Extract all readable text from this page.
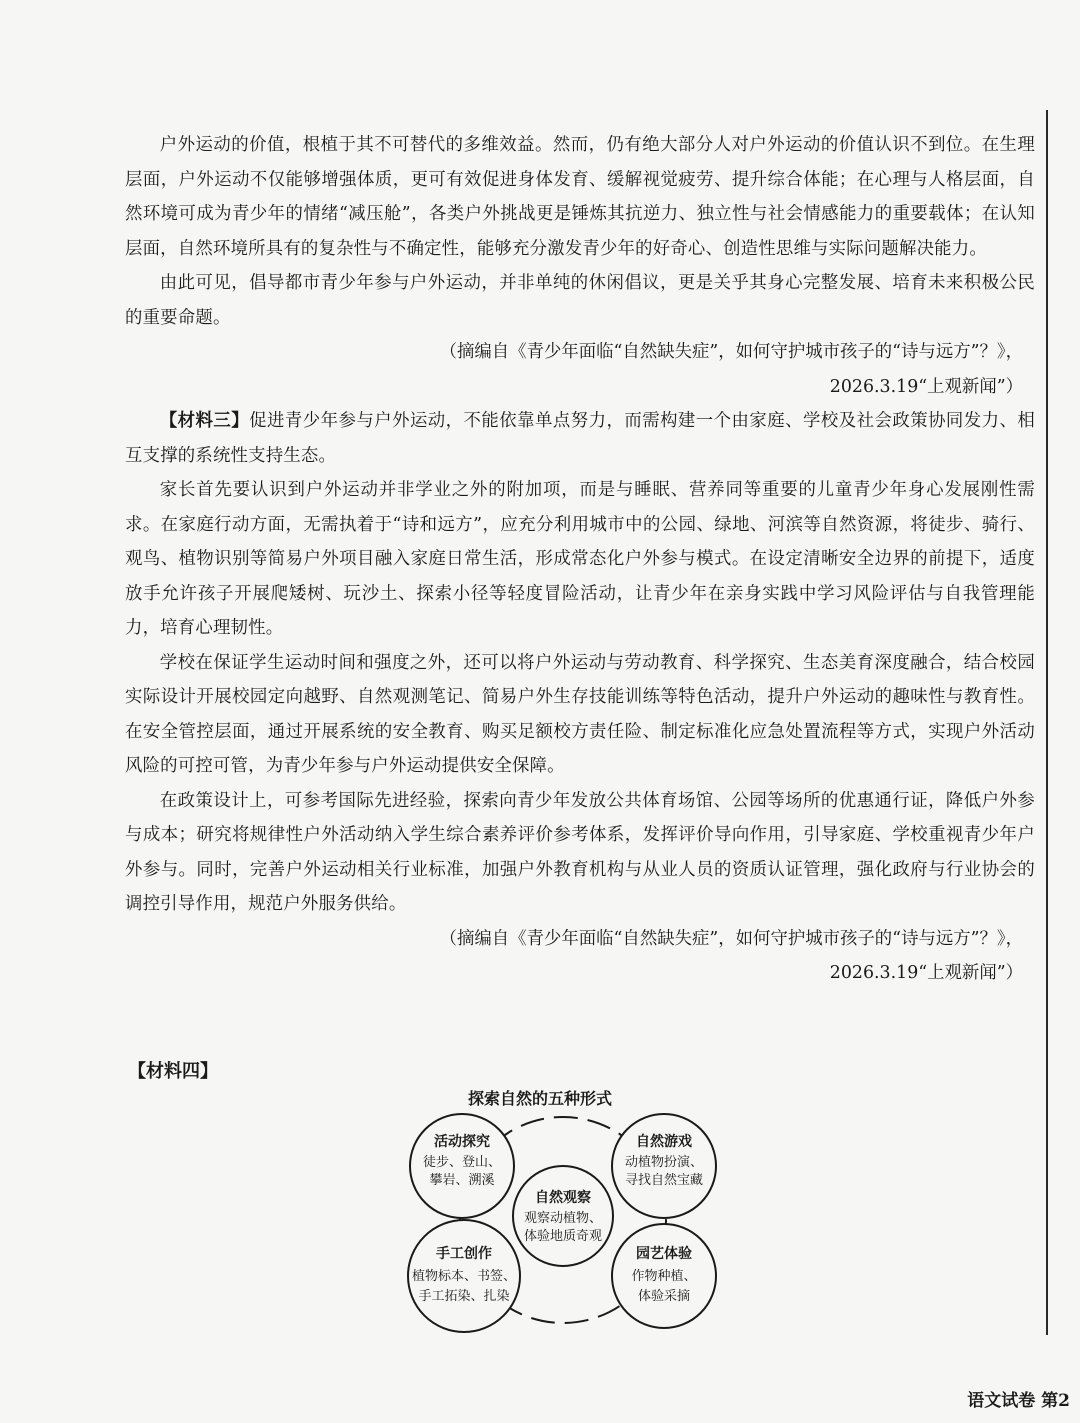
户外运动的价值，根植于其不可替代的多维效益。然而，仍有绝大部分人对户外运动的价值认识不到位。在生理层面，户外运动不仅能够增强体质，更可有效促进身体发育、缓解视觉疲劳、提升综合体能；在心理与人格层面，自然环境可成为青少年的情绪“减压舱”，各类户外挑战更是锤炼其抗逆力、独立性与社会情感能力的重要载体；在认知层面，自然环境所具有的复杂性与不确定性，能够充分激发青少年的好奇心、创造性思维与实际问题解决能力。

由此可见，倡导都市青少年参与户外运动，并非单纯的休闲倡议，更是关乎其身心完整发展、培育未来积极公民的重要命题。

（摘编自《青少年面临“自然缺失症”，如何守护城市孩子的“诗与远方”？》，

2026.3.19“上观新闻”）

【材料三】促进青少年参与户外运动，不能依靠单点努力，而需构建一个由家庭、学校及社会政策协同发力、相互支撑的系统性支持生态。

家长首先要认识到户外运动并非学业之外的附加项，而是与睡眠、营养同等重要的儿童青少年身心发展刚性需求。在家庭行动方面，无需执着于“诗和远方”，应充分利用城市中的公园、绿地、河滨等自然资源，将徒步、骑行、观鸟、植物识别等简易户外项目融入家庭日常生活，形成常态化户外参与模式。在设定清晰安全边界的前提下，适度放手允许孩子开展爬矮树、玩沙土、探索小径等轻度冒险活动，让青少年在亲身实践中学习风险评估与自我管理能力，培育心理韧性。

学校在保证学生运动时间和强度之外，还可以将户外运动与劳动教育、科学探究、生态美育深度融合，结合校园实际设计开展校园定向越野、自然观测笔记、简易户外生存技能训练等特色活动，提升户外运动的趣味性与教育性。在安全管控层面，通过开展系统的安全教育、购买足额校方责任险、制定标准化应急处置流程等方式，实现户外活动风险的可控可管，为青少年参与户外运动提供安全保障。

在政策设计上，可参考国际先进经验，探索向青少年发放公共体育场馆、公园等场所的优惠通行证，降低户外参与成本；研究将规律性户外活动纳入学生综合素养评价参考体系，发挥评价导向作用，引导家庭、学校重视青少年户外参与。同时，完善户外运动相关行业标准，加强户外教育机构与从业人员的资质认证管理，强化政府与行业协会的调控引导作用，规范户外服务供给。

（摘编自《青少年面临“自然缺失症”，如何守护城市孩子的“诗与远方”？》，

2026.3.19“上观新闻”）

【材料四】
探索自然的五种形式
自然观察
观察动植物、
体验地质奇观
活动探究
徒步、登山、
攀岩、溯溪
自然游戏
动植物扮演、
寻找自然宝藏
手工创作
植物标本、书签、
手工拓染、扎染
园艺体验
作物种植、
体验采摘
语文试卷 第2
